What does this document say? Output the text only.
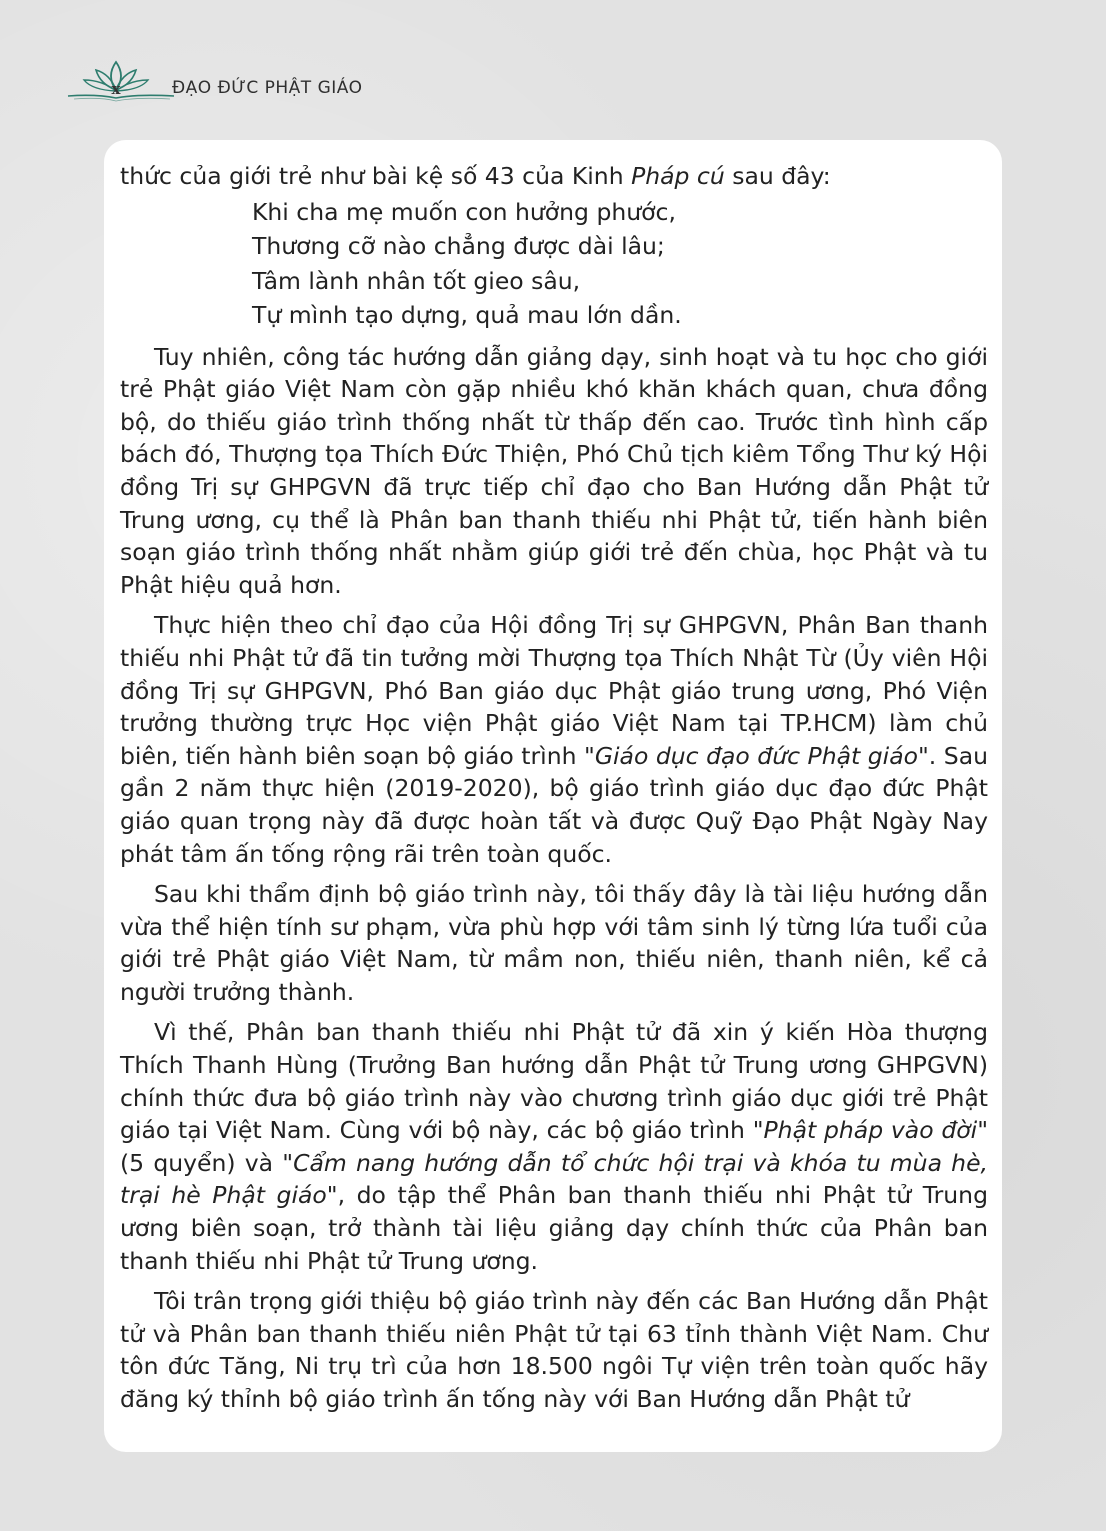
x	ĐẠO ĐỨC PHẬT GIÁO

thức của giới trẻ như bài kệ số 43 của Kinh Pháp cú sau đây:

Khi cha mẹ muốn con hưởng phước,
Thương cỡ nào chẳng được dài lâu;
Tâm lành nhân tốt gieo sâu,
Tự mình tạo dựng, quả mau lớn dần.

Tuy nhiên, công tác hướng dẫn giảng dạy, sinh hoạt và tu học cho giới trẻ Phật giáo Việt Nam còn gặp nhiều khó khăn khách quan, chưa đồng bộ, do thiếu giáo trình thống nhất từ thấp đến cao. Trước tình hình cấp bách đó, Thượng tọa Thích Đức Thiện, Phó Chủ tịch kiêm Tổng Thư ký Hội đồng Trị sự GHPGVN đã trực tiếp chỉ đạo cho Ban Hướng dẫn Phật tử Trung ương, cụ thể là Phân ban thanh thiếu nhi Phật tử, tiến hành biên soạn giáo trình thống nhất nhằm giúp giới trẻ đến chùa, học Phật và tu Phật hiệu quả hơn.

Thực hiện theo chỉ đạo của Hội đồng Trị sự GHPGVN, Phân Ban thanh thiếu nhi Phật tử đã tin tưởng mời Thượng tọa Thích Nhật Từ (Ủy viên Hội đồng Trị sự GHPGVN, Phó Ban giáo dục Phật giáo trung ương, Phó Viện trưởng thường trực Học viện Phật giáo Việt Nam tại TP.HCM) làm chủ biên, tiến hành biên soạn bộ giáo trình "Giáo dục đạo đức Phật giáo". Sau gần 2 năm thực hiện (2019-2020), bộ giáo trình giáo dục đạo đức Phật giáo quan trọng này đã được hoàn tất và được Quỹ Đạo Phật Ngày Nay phát tâm ấn tống rộng rãi trên toàn quốc.

Sau khi thẩm định bộ giáo trình này, tôi thấy đây là tài liệu hướng dẫn vừa thể hiện tính sư phạm, vừa phù hợp với tâm sinh lý từng lứa tuổi của giới trẻ Phật giáo Việt Nam, từ mầm non, thiếu niên, thanh niên, kể cả người trưởng thành.

Vì thế, Phân ban thanh thiếu nhi Phật tử đã xin ý kiến Hòa thượng Thích Thanh Hùng (Trưởng Ban hướng dẫn Phật tử Trung ương GHPGVN) chính thức đưa bộ giáo trình này vào chương trình giáo dục giới trẻ Phật giáo tại Việt Nam. Cùng với bộ này, các bộ giáo trình "Phật pháp vào đời" (5 quyển) và "Cẩm nang hướng dẫn tổ chức hội trại và khóa tu mùa hè, trại hè Phật giáo", do tập thể Phân ban thanh thiếu nhi Phật tử Trung ương biên soạn, trở thành tài liệu giảng dạy chính thức của Phân ban thanh thiếu nhi Phật tử Trung ương.

Tôi trân trọng giới thiệu bộ giáo trình này đến các Ban Hướng dẫn Phật tử và Phân ban thanh thiếu niên Phật tử tại 63 tỉnh thành Việt Nam. Chư tôn đức Tăng, Ni trụ trì của hơn 18.500 ngôi Tự viện trên toàn quốc hãy đăng ký thỉnh bộ giáo trình ấn tống này với Ban Hướng dẫn Phật tử
